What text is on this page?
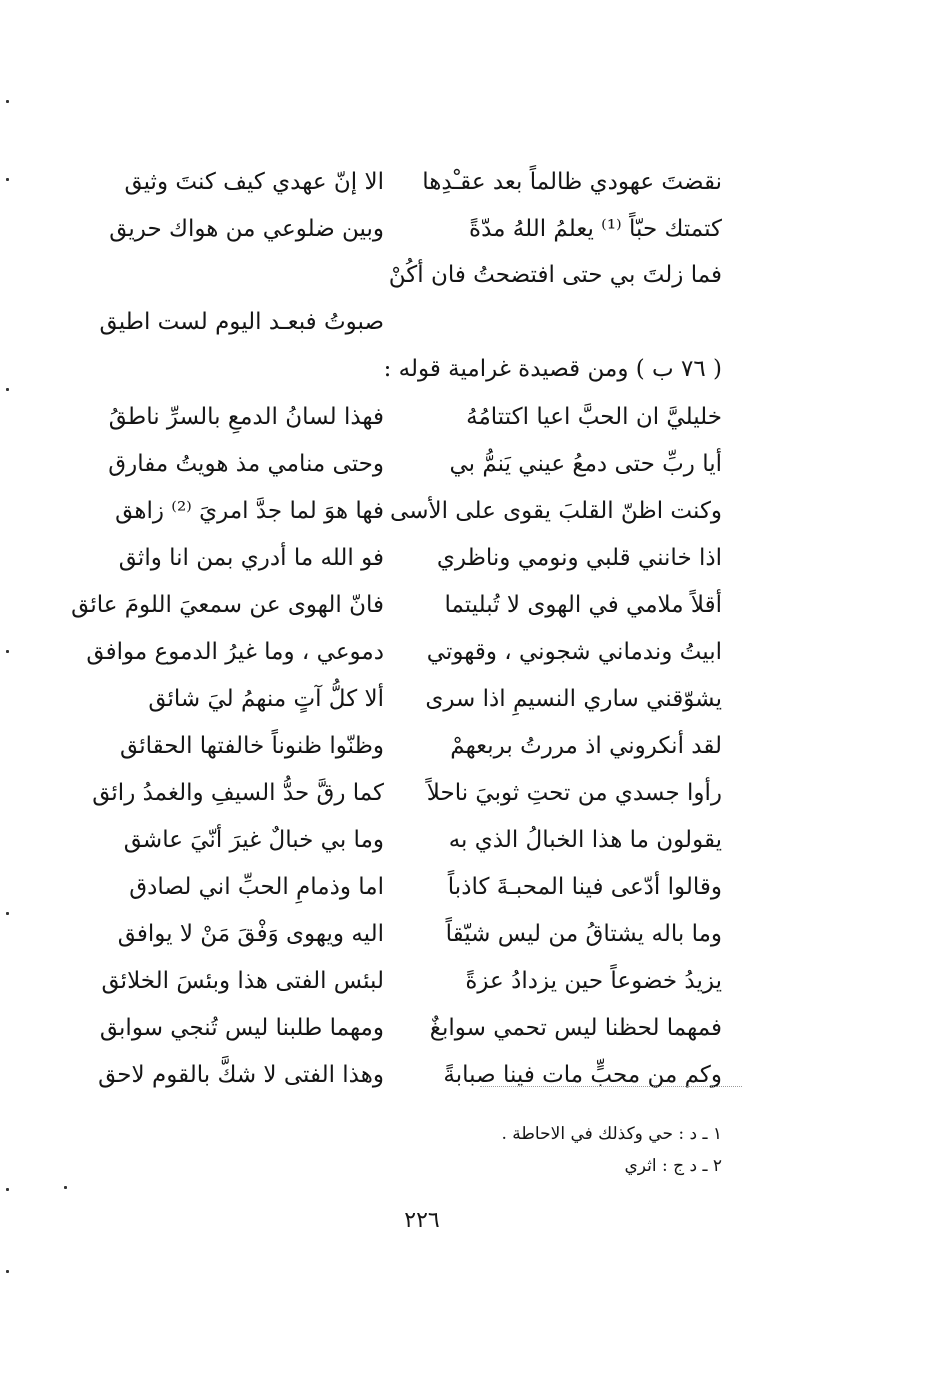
نقضتَ عهودي ظالماً بعد عقـْدِها
الا إنّ عهدي كيف كنتَ وثيق
كتمتك حبّاً ⁽¹⁾ يعلمُ اللهُ مدّةً
وبين ضلوعي من هواك حريق
فما زلتَ بي حتى افتضحتُ فان أكُنْ
صبوتُ فبعـد اليوم لست اطيق
( ٧٦ ب ) ومن قصيدة غرامية قوله :
خليليَّ ان الحبَّ اعيا اكتتامُهُ
فهذا لسانُ الدمعِ بالسرِّ ناطقُ
أيا ربِّ حتى دمعُ عيني يَنمُّ بي
وحتى منامي مذ هويتُ مفارق
وكنت اظنّ القلبَ يقوى على الأسى
فها هوَ لما جدَّ امريَ ⁽²⁾ زاهق
اذا خانني قلبي ونومي وناظري
فو الله ما أدري بمن انا واثق
أقلاً ملامي في الهوى لا تُبليتما
فانّ الهوى عن سمعيَ اللومَ عائق
ابيتُ وندماني شجوني ، وقهوتي
دموعي ، وما غيرُ الدموع موافق
يشوّقني ساري النسيمِ اذا سرى
ألا كلُّ آتٍ منهمُ ليَ شائق
لقد أنكروني اذ مررتُ بربعهمْ
وظنّوا ظنوناً خالفتها الحقائق
رأوا جسدي من تحتِ ثوبيَ ناحلاً
كما رقَّ حدُّ السيفِ والغمدُ رائق
يقولون ما هذا الخبالُ الذي به
وما بي خبالٌ غيرَ أنّيَ عاشق
وقالوا أدّعى فينا المحبـةَ كاذباً
اما وذمامِ الحبِّ اني لصادق
وما باله يشتاقُ من ليس شيّقاً
اليه ويهوى وَفْقَ مَنْ لا يوافق
يزيدُ خضوعاً حين يزدادُ عزةً
لبئس الفتى هذا وبئسَ الخلائق
فمهما لحظنا ليس تحمي سوابغٌ
ومهما طلبنا ليس تُنجي سوابق
وكم من محبٍّ مات فينا صبابةً
وهذا الفتى لا شكَّ بالقوم لاحق
١ ـ د : حي وكذلك في الاحاطة .
٢ ـ د ج : اثري
٢٢٦
